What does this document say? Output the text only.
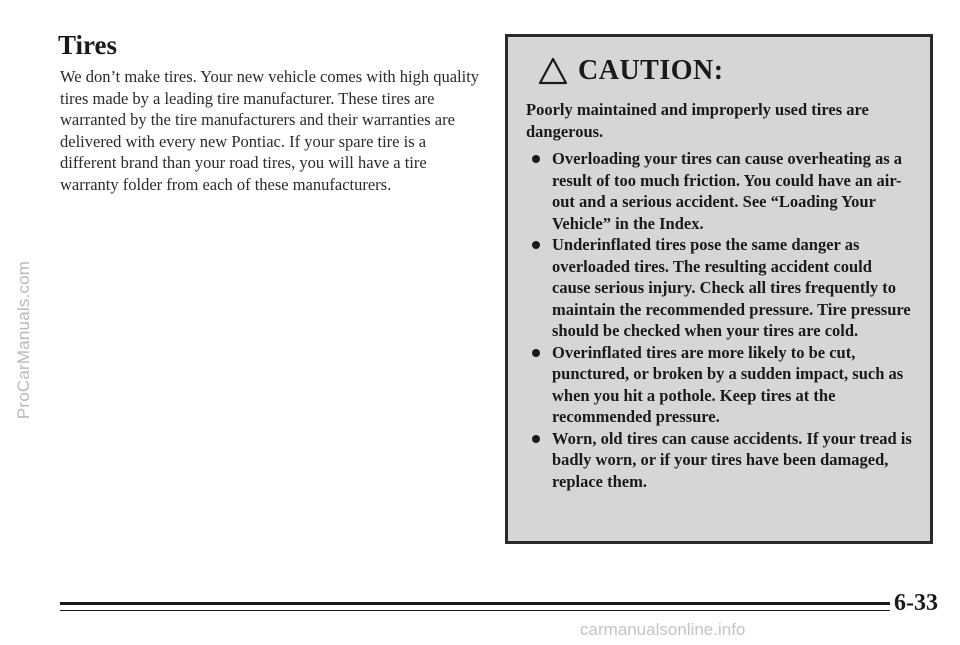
ProCarManuals.com
Tires

We don’t make tires. Your new vehicle comes with high quality tires made by a leading tire manufacturer. These tires are warranted by the tire manufacturers and their warranties are delivered with every new Pontiac. If your spare tire is a different brand than your road tires, you will have a tire warranty folder from each of these manufacturers.

CAUTION:

Poorly maintained and improperly used tires are dangerous.

Overloading your tires can cause overheating as a result of too much friction. You could have an air-out and a serious accident. See “Loading Your Vehicle” in the Index.
Underinflated tires pose the same danger as overloaded tires. The resulting accident could cause serious injury. Check all tires frequently to maintain the recommended pressure. Tire pressure should be checked when your tires are cold.
Overinflated tires are more likely to be cut, punctured, or broken by a sudden impact, such as when you hit a pothole. Keep tires at the recommended pressure.
Worn, old tires can cause accidents. If your tread is badly worn, or if your tires have been damaged, replace them.
6-33
carmanualsonline.info
